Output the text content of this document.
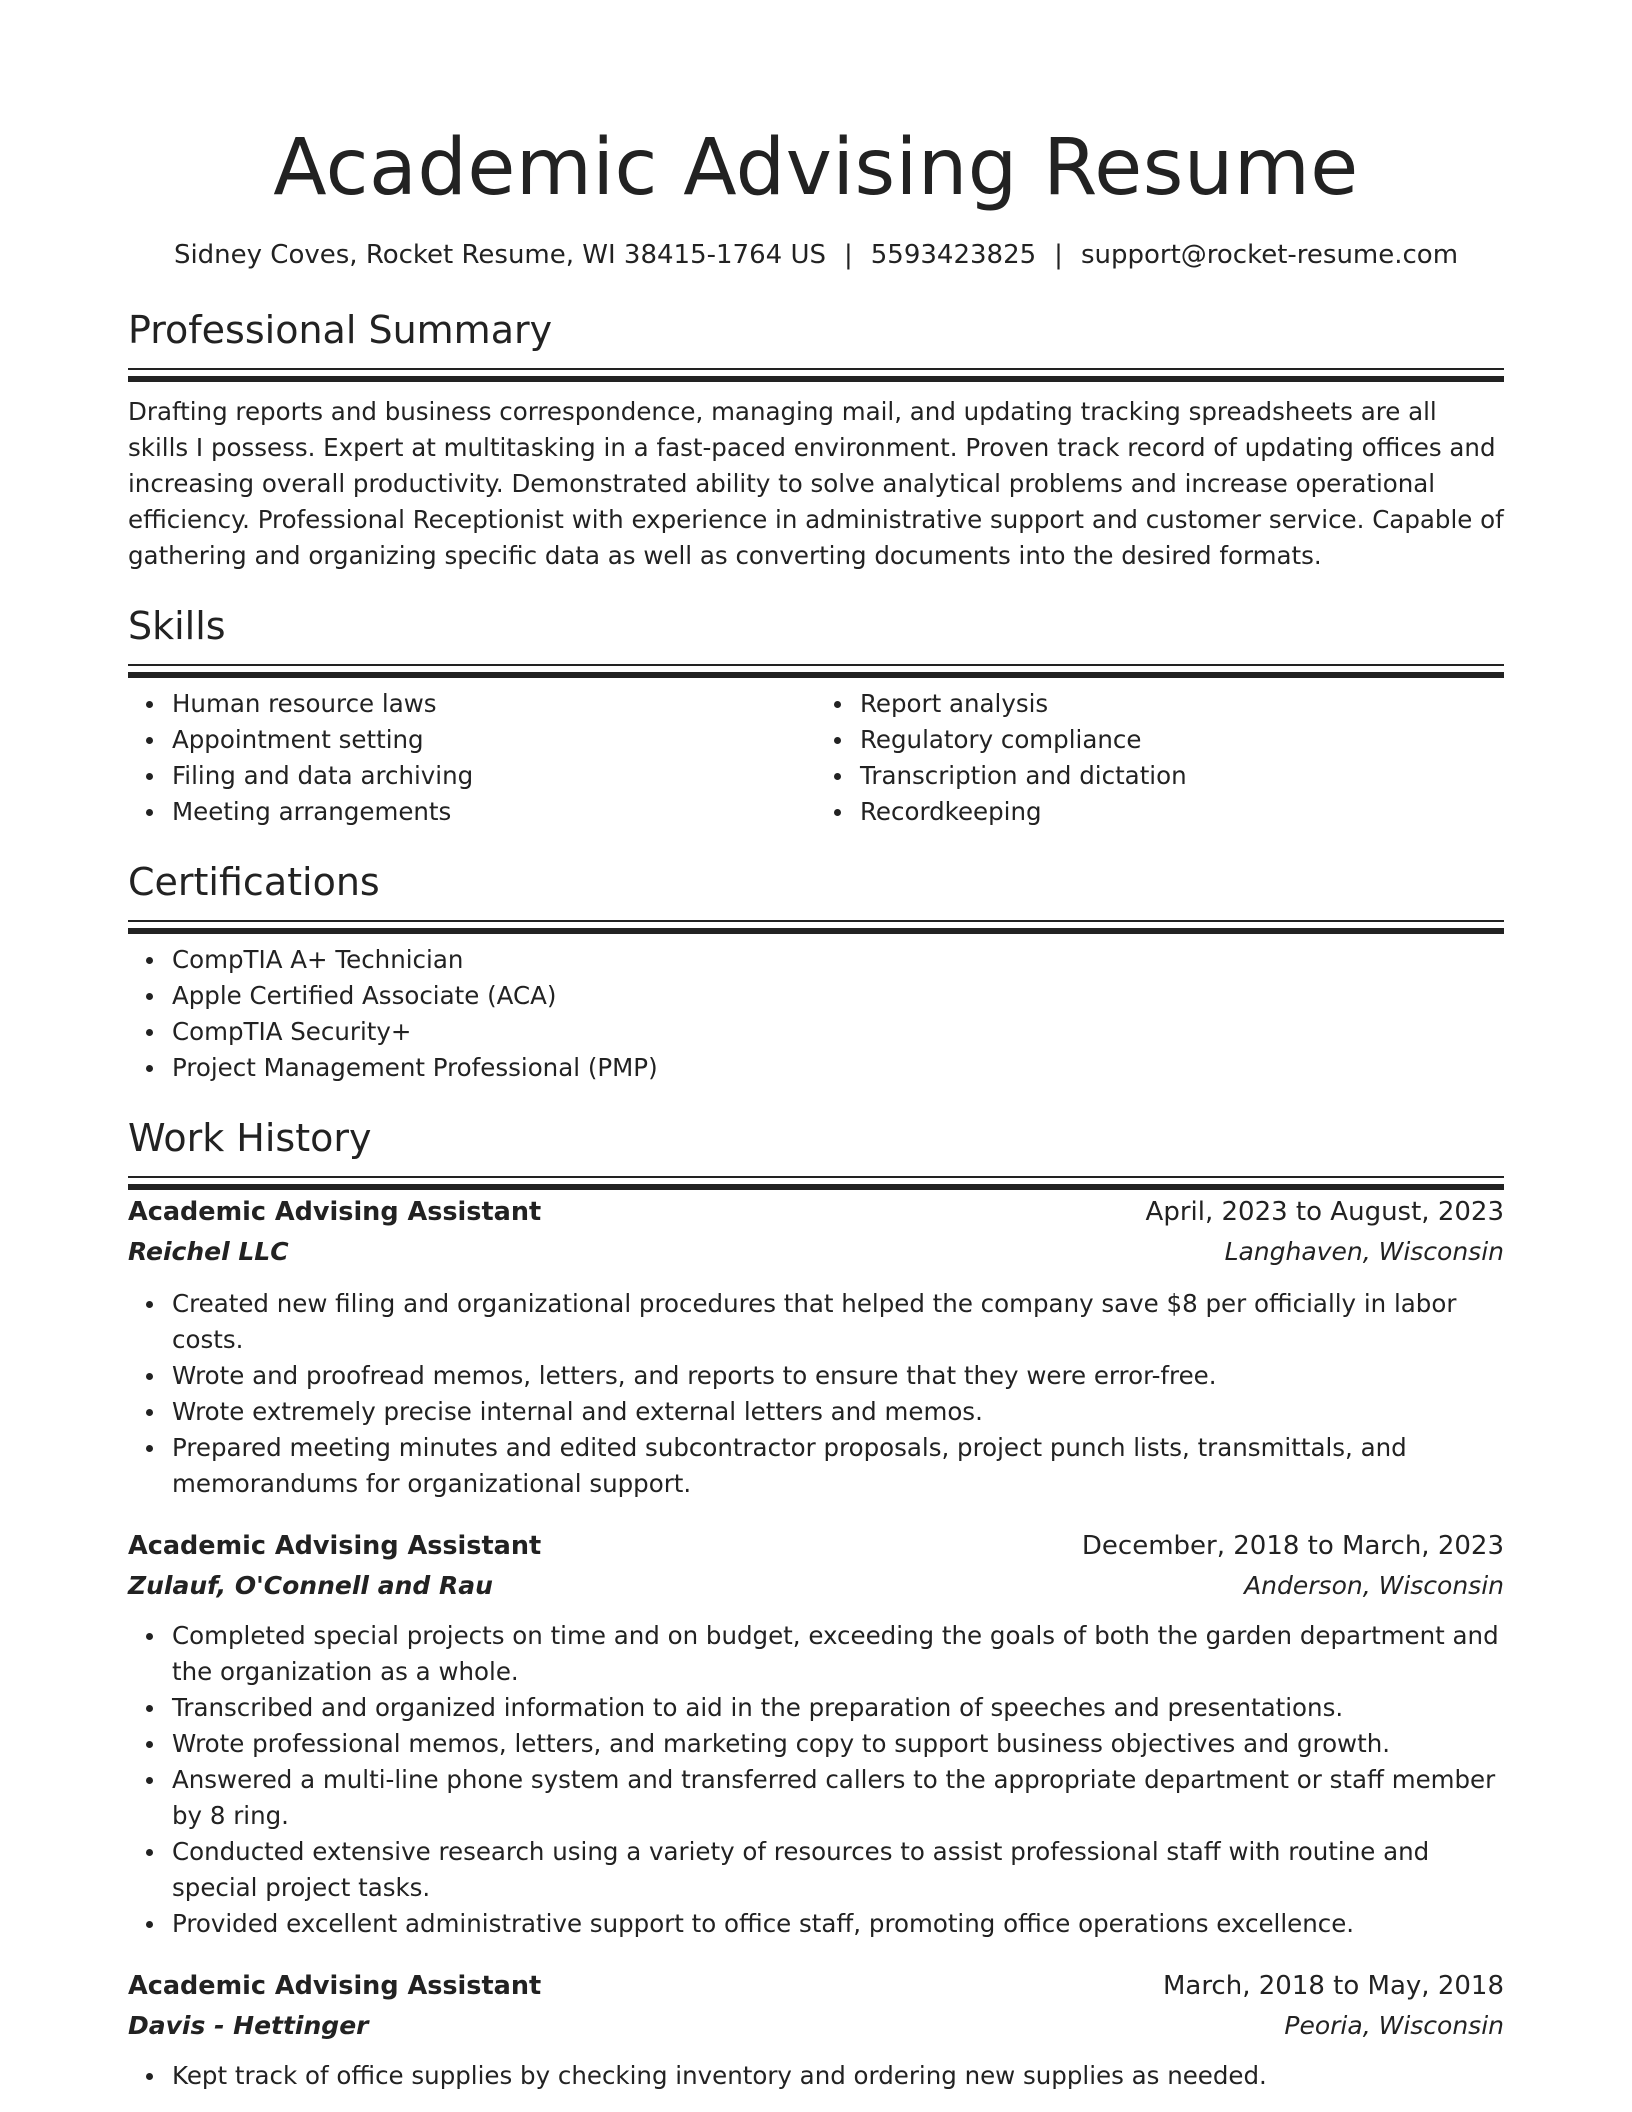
Academic Advising Resume
Sidney Coves, Rocket Resume, WI 38415-1764 US | 5593423825 | support@rocket-resume.com
Professional Summary

Drafting reports and business correspondence, managing mail, and updating tracking spreadsheets are all skills I possess. Expert at multitasking in a fast-paced environment. Proven track record of updating offices and increasing overall productivity. Demonstrated ability to solve analytical problems and increase operational efficiency. Professional Receptionist with experience in administrative support and customer service. Capable of gathering and organizing specific data as well as converting documents into the desired formats.

Skills
Human resource laws
Appointment setting
Filing and data archiving
Meeting arrangements
Report analysis
Regulatory compliance
Transcription and dictation
Recordkeeping
Certifications
CompTIA A+ Technician
Apple Certified Associate (ACA)
CompTIA Security+
Project Management Professional (PMP)
Work History
Academic Advising Assistant	April, 2023 to August, 2023
Reichel LLC	Langhaven, Wisconsin
Created new filing and organizational procedures that helped the company save $8 per officially in labor costs.
Wrote and proofread memos, letters, and reports to ensure that they were error-free.
Wrote extremely precise internal and external letters and memos.
Prepared meeting minutes and edited subcontractor proposals, project punch lists, transmittals, and memorandums for organizational support.
Academic Advising Assistant	December, 2018 to March, 2023
Zulauf, O'Connell and Rau	Anderson, Wisconsin
Completed special projects on time and on budget, exceeding the goals of both the garden department and the organization as a whole.
Transcribed and organized information to aid in the preparation of speeches and presentations.
Wrote professional memos, letters, and marketing copy to support business objectives and growth.
Answered a multi-line phone system and transferred callers to the appropriate department or staff member by 8 ring.
Conducted extensive research using a variety of resources to assist professional staff with routine and special project tasks.
Provided excellent administrative support to office staff, promoting office operations excellence.
Academic Advising Assistant	March, 2018 to May, 2018
Davis - Hettinger	Peoria, Wisconsin
Kept track of office supplies by checking inventory and ordering new supplies as needed.
